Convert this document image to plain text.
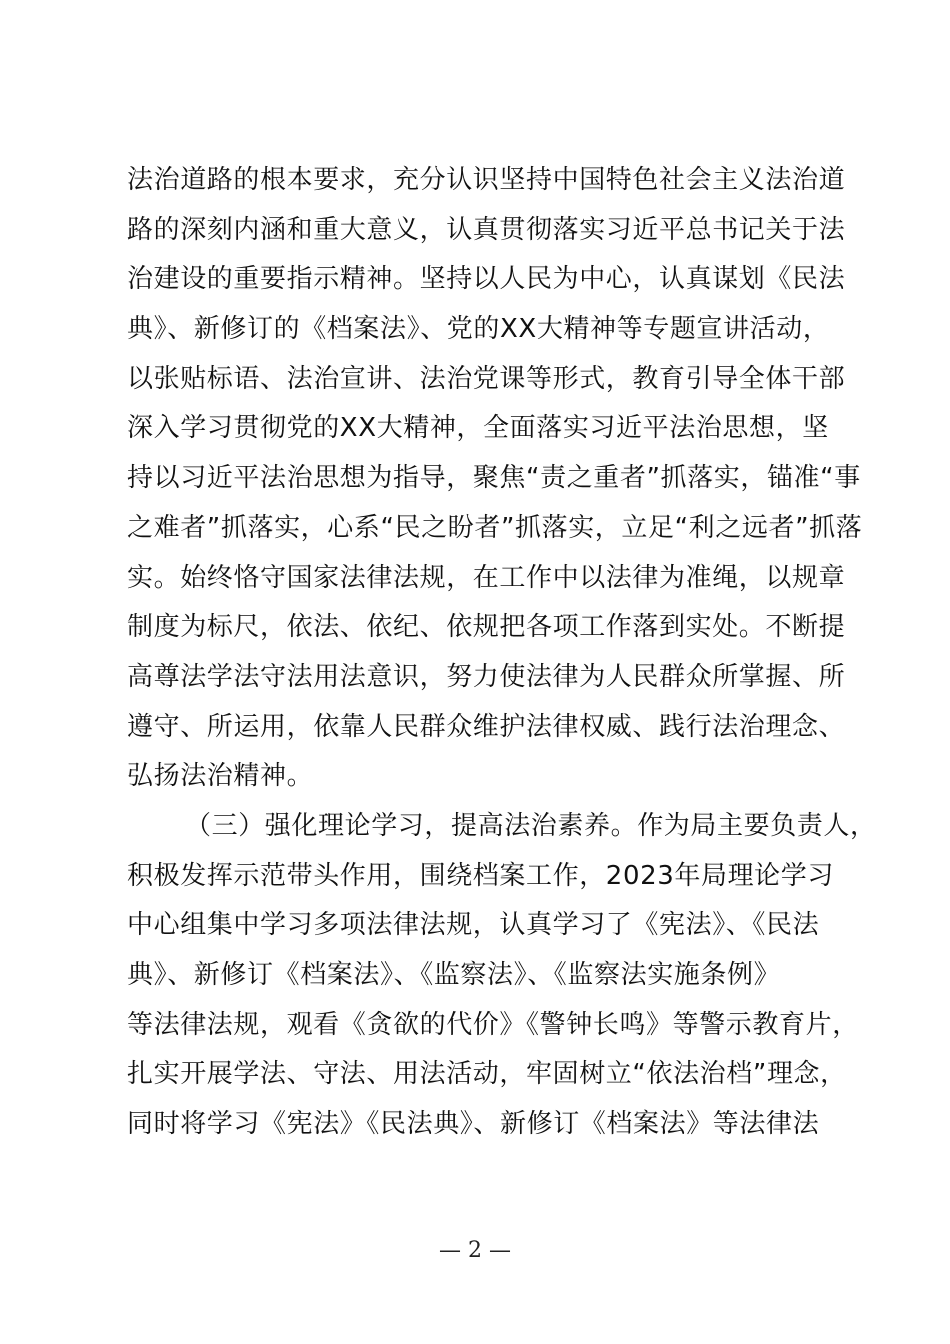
法治道路的根本要求，充分认识坚持中国特色社会主义法治道
路的深刻内涵和重大意义，认真贯彻落实习近平总书记关于法
治建设的重要指示精神。坚持以人民为中心，认真谋划《民法
典》、新修订的《档案法》、党的XX大精神等专题宣讲活动，
以张贴标语、法治宣讲、法治党课等形式，教育引导全体干部
深入学习贯彻党的XX大精神，全面落实习近平法治思想，坚
持以习近平法治思想为指导，聚焦“责之重者”抓落实，锚准“事
之难者”抓落实，心系“民之盼者”抓落实，立足“利之远者”抓落
实。始终恪守国家法律法规，在工作中以法律为准绳，以规章
制度为标尺，依法、依纪、依规把各项工作落到实处。不断提
高尊法学法守法用法意识，努力使法律为人民群众所掌握、所
遵守、所运用，依靠人民群众维护法律权威、践行法治理念、
弘扬法治精神。
（三）强化理论学习，提高法治素养。作为局主要负责人，
积极发挥示范带头作用，围绕档案工作，2023年局理论学习
中心组集中学习多项法律法规，认真学习了《宪法》、《民法
典》、新修订《档案法》、《监察法》、《监察法实施条例》
等法律法规，观看《贪欲的代价》《警钟长鸣》等警示教育片，
扎实开展学法、守法、用法活动，牢固树立“依法治档”理念，
同时将学习《宪法》《民法典》、新修订《档案法》等法律法
— 2 —
